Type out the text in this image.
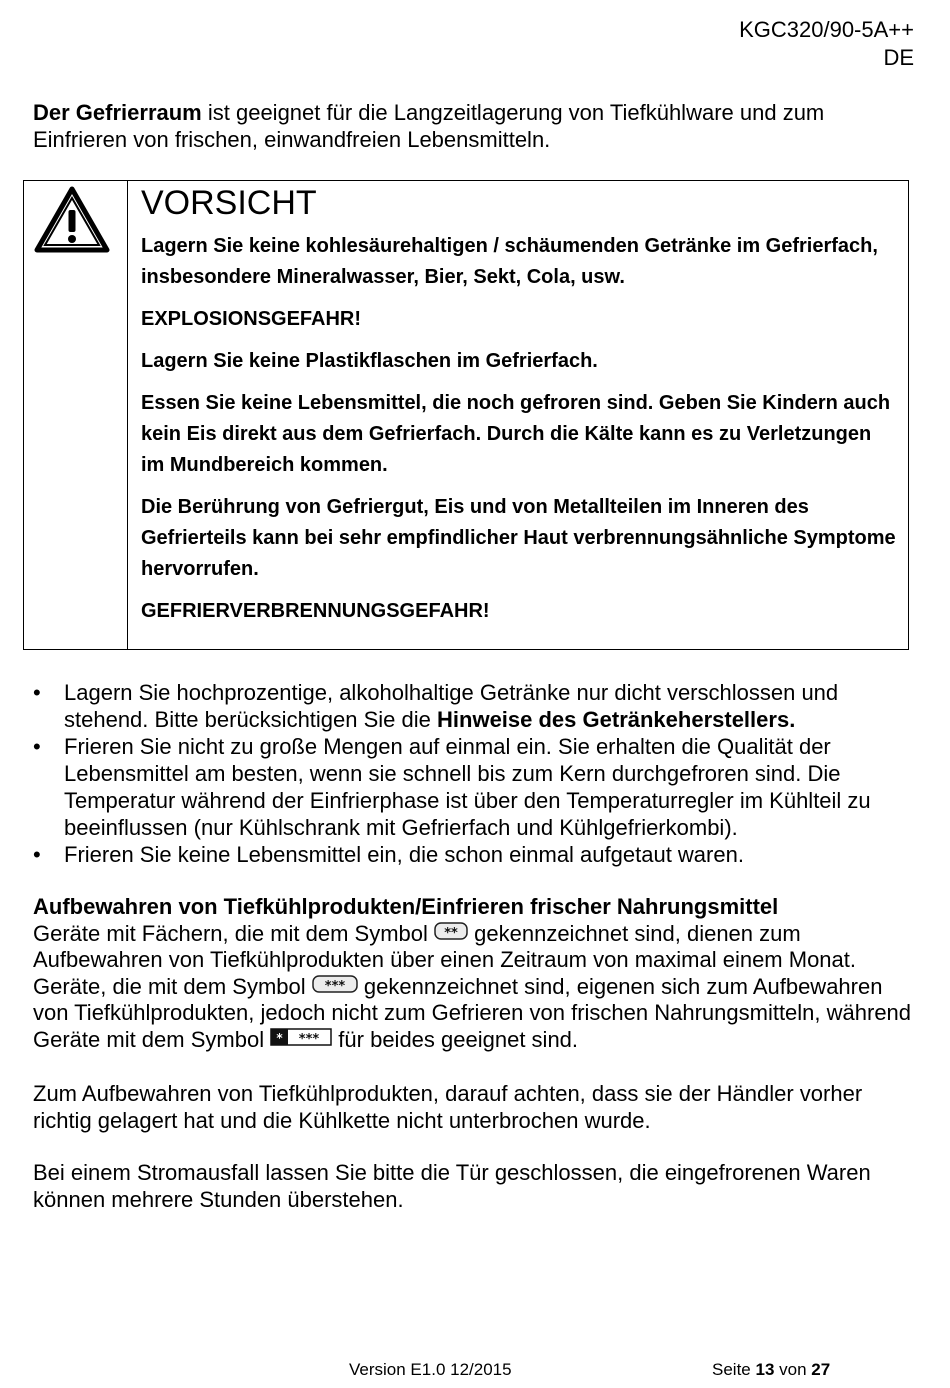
KGC320/90-5A++
DE
Der Gefrierraum ist geeignet für die Langzeitlagerung von Tiefkühlware und zum Einfrieren von frischen, einwandfreien Lebensmitteln.
VORSICHT

Lagern Sie keine kohlesäurehaltigen / schäumenden Getränke im Gefrierfach, insbesondere Mineralwasser, Bier, Sekt, Cola, usw.

EXPLOSIONSGEFAHR!

Lagern Sie keine Plastikflaschen im Gefrierfach.

Essen Sie keine Lebensmittel, die noch gefroren sind. Geben Sie Kindern auch kein Eis direkt aus dem Gefrierfach. Durch die Kälte kann es zu Verletzungen im Mundbereich kommen.

Die Berührung von Gefriergut, Eis und von Metallteilen im Inneren des Gefrierteils kann bei sehr empfindlicher Haut verbrennungsähnliche Symptome hervorrufen.

GEFRIERVERBRENNUNGSGEFAHR!

• Lagern Sie hochprozentige, alkoholhaltige Getränke nur dicht verschlossen und stehend. Bitte berücksichtigen Sie die Hinweise des Getränkeherstellers.
• Frieren Sie nicht zu große Mengen auf einmal ein. Sie erhalten die Qualität der Lebensmittel am besten, wenn sie schnell bis zum Kern durchgefroren sind. Die Temperatur während der Einfrierphase ist über den Temperaturregler im Kühlteil zu beeinflussen (nur Kühlschrank mit Gefrierfach und Kühlgefrierkombi).
• Frieren Sie keine Lebensmittel ein, die schon einmal aufgetaut waren.
Aufbewahren von Tiefkühlprodukten/Einfrieren frischer Nahrungsmittel
Geräte mit Fächern, die mit dem Symbol ** gekennzeichnet sind, dienen zum Aufbewahren von Tiefkühlprodukten über einen Zeitraum von maximal einem Monat. Geräte, die mit dem Symbol *** gekennzeichnet sind, eigenen sich zum Aufbewahren von Tiefkühlprodukten, jedoch nicht zum Gefrieren von frischen Nahrungsmitteln, während Geräte mit dem Symbol * *** für beides geeignet sind.
Zum Aufbewahren von Tiefkühlprodukten, darauf achten, dass sie der Händler vorher richtig gelagert hat und die Kühlkette nicht unterbrochen wurde.
Bei einem Stromausfall lassen Sie bitte die Tür geschlossen, die eingefrorenen Waren können mehrere Stunden überstehen.
Version E1.0 12/2015	Seite 13 von 27
